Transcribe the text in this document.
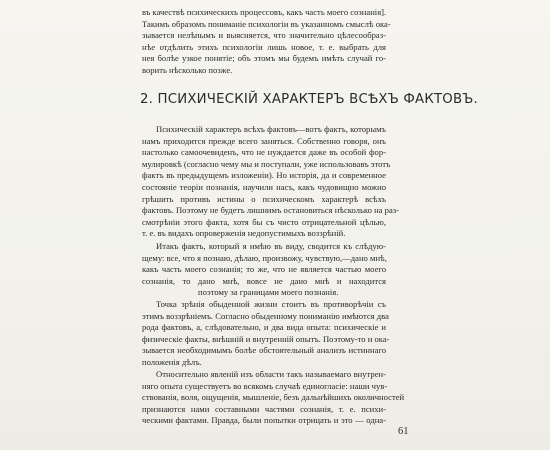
въ качествѣ психическихъ процессовъ, какъ часть моего сознанія].
Такимъ образомъ пониманіе психологіи въ указанномъ смыслѣ ока-
зывается нелѣпымъ и выясняется, что значительно цѣлесообраз-
нѣе отдѣлить этихъ психологіи лишь новое, т. е. выбрать для
нея болѣе узкое понятіе; объ этомъ мы будемъ имѣть случай го-
ворить нѣсколько позже.
2. ПСИХИЧЕСКІЙ ХАРАКТЕРЪ ВСѢХЪ ФАКТОВЪ.
Психическій характеръ всѣхъ фактовъ—вотъ фактъ, которымъ
намъ приходится прежде всего заняться. Собственно говоря, онъ
настолько самоочевиденъ, что не нуждается даже въ особой фор-
мулировкѣ (согласно чему мы и поступали, уже использовавъ этотъ
фактъ въ предыдущемъ изложеніи). Но исторія, да и современное
состояніе теоріи познанія, научили насъ, какъ чудовищно можно
грѣшить противъ истины о психическомъ характерѣ всѣхъ
фактовъ. Поэтому не будетъ лишнимъ остановиться нѣсколько на раз-
смотрѣніи этого факта, хотя бы съ чисто отрицательной цѣлью,
т. е. въ видахъ опроверженія недопустимыхъ воззрѣній.
Итакъ фактъ, который я имѣю въ виду, сводится къ слѣдую-
щему: все, что я познаю, дѣлаю, произвожу, чувствую,—дано мнѣ,
какъ часть моего сознанія; то же, что не является частью моего
сознанія, то дано мнѣ, вовсе не дано мнѣ и находится
поэтому за границами моего познанія.
Точка зрѣнія обыденной жизни стоитъ въ противорѣчіи съ
этимъ воззрѣніемъ. Согласно обыденному пониманію имѣются два
рода фактовъ, а, слѣдовательно, и два вида опыта: психическіе и
физическіе факты, внѣшній и внутренній опытъ. Поэтому-то и ока-
зывается необходимымъ болѣе обстоятельный анализъ истиннаго
положенія дѣлъ.
Относительно явленій изъ области такъ называемаго внутрен-
няго опыта существуетъ во всякомъ случаѣ единогласіе: наши чув-
ствованія, воля, ощущенія, мышленіе, безъ дальнѣйшихъ околичностей
признаются нами составными частями сознанія, т. е. психи-
ческими фактами. Правда, были попытки отрицать и это — одна-
61
